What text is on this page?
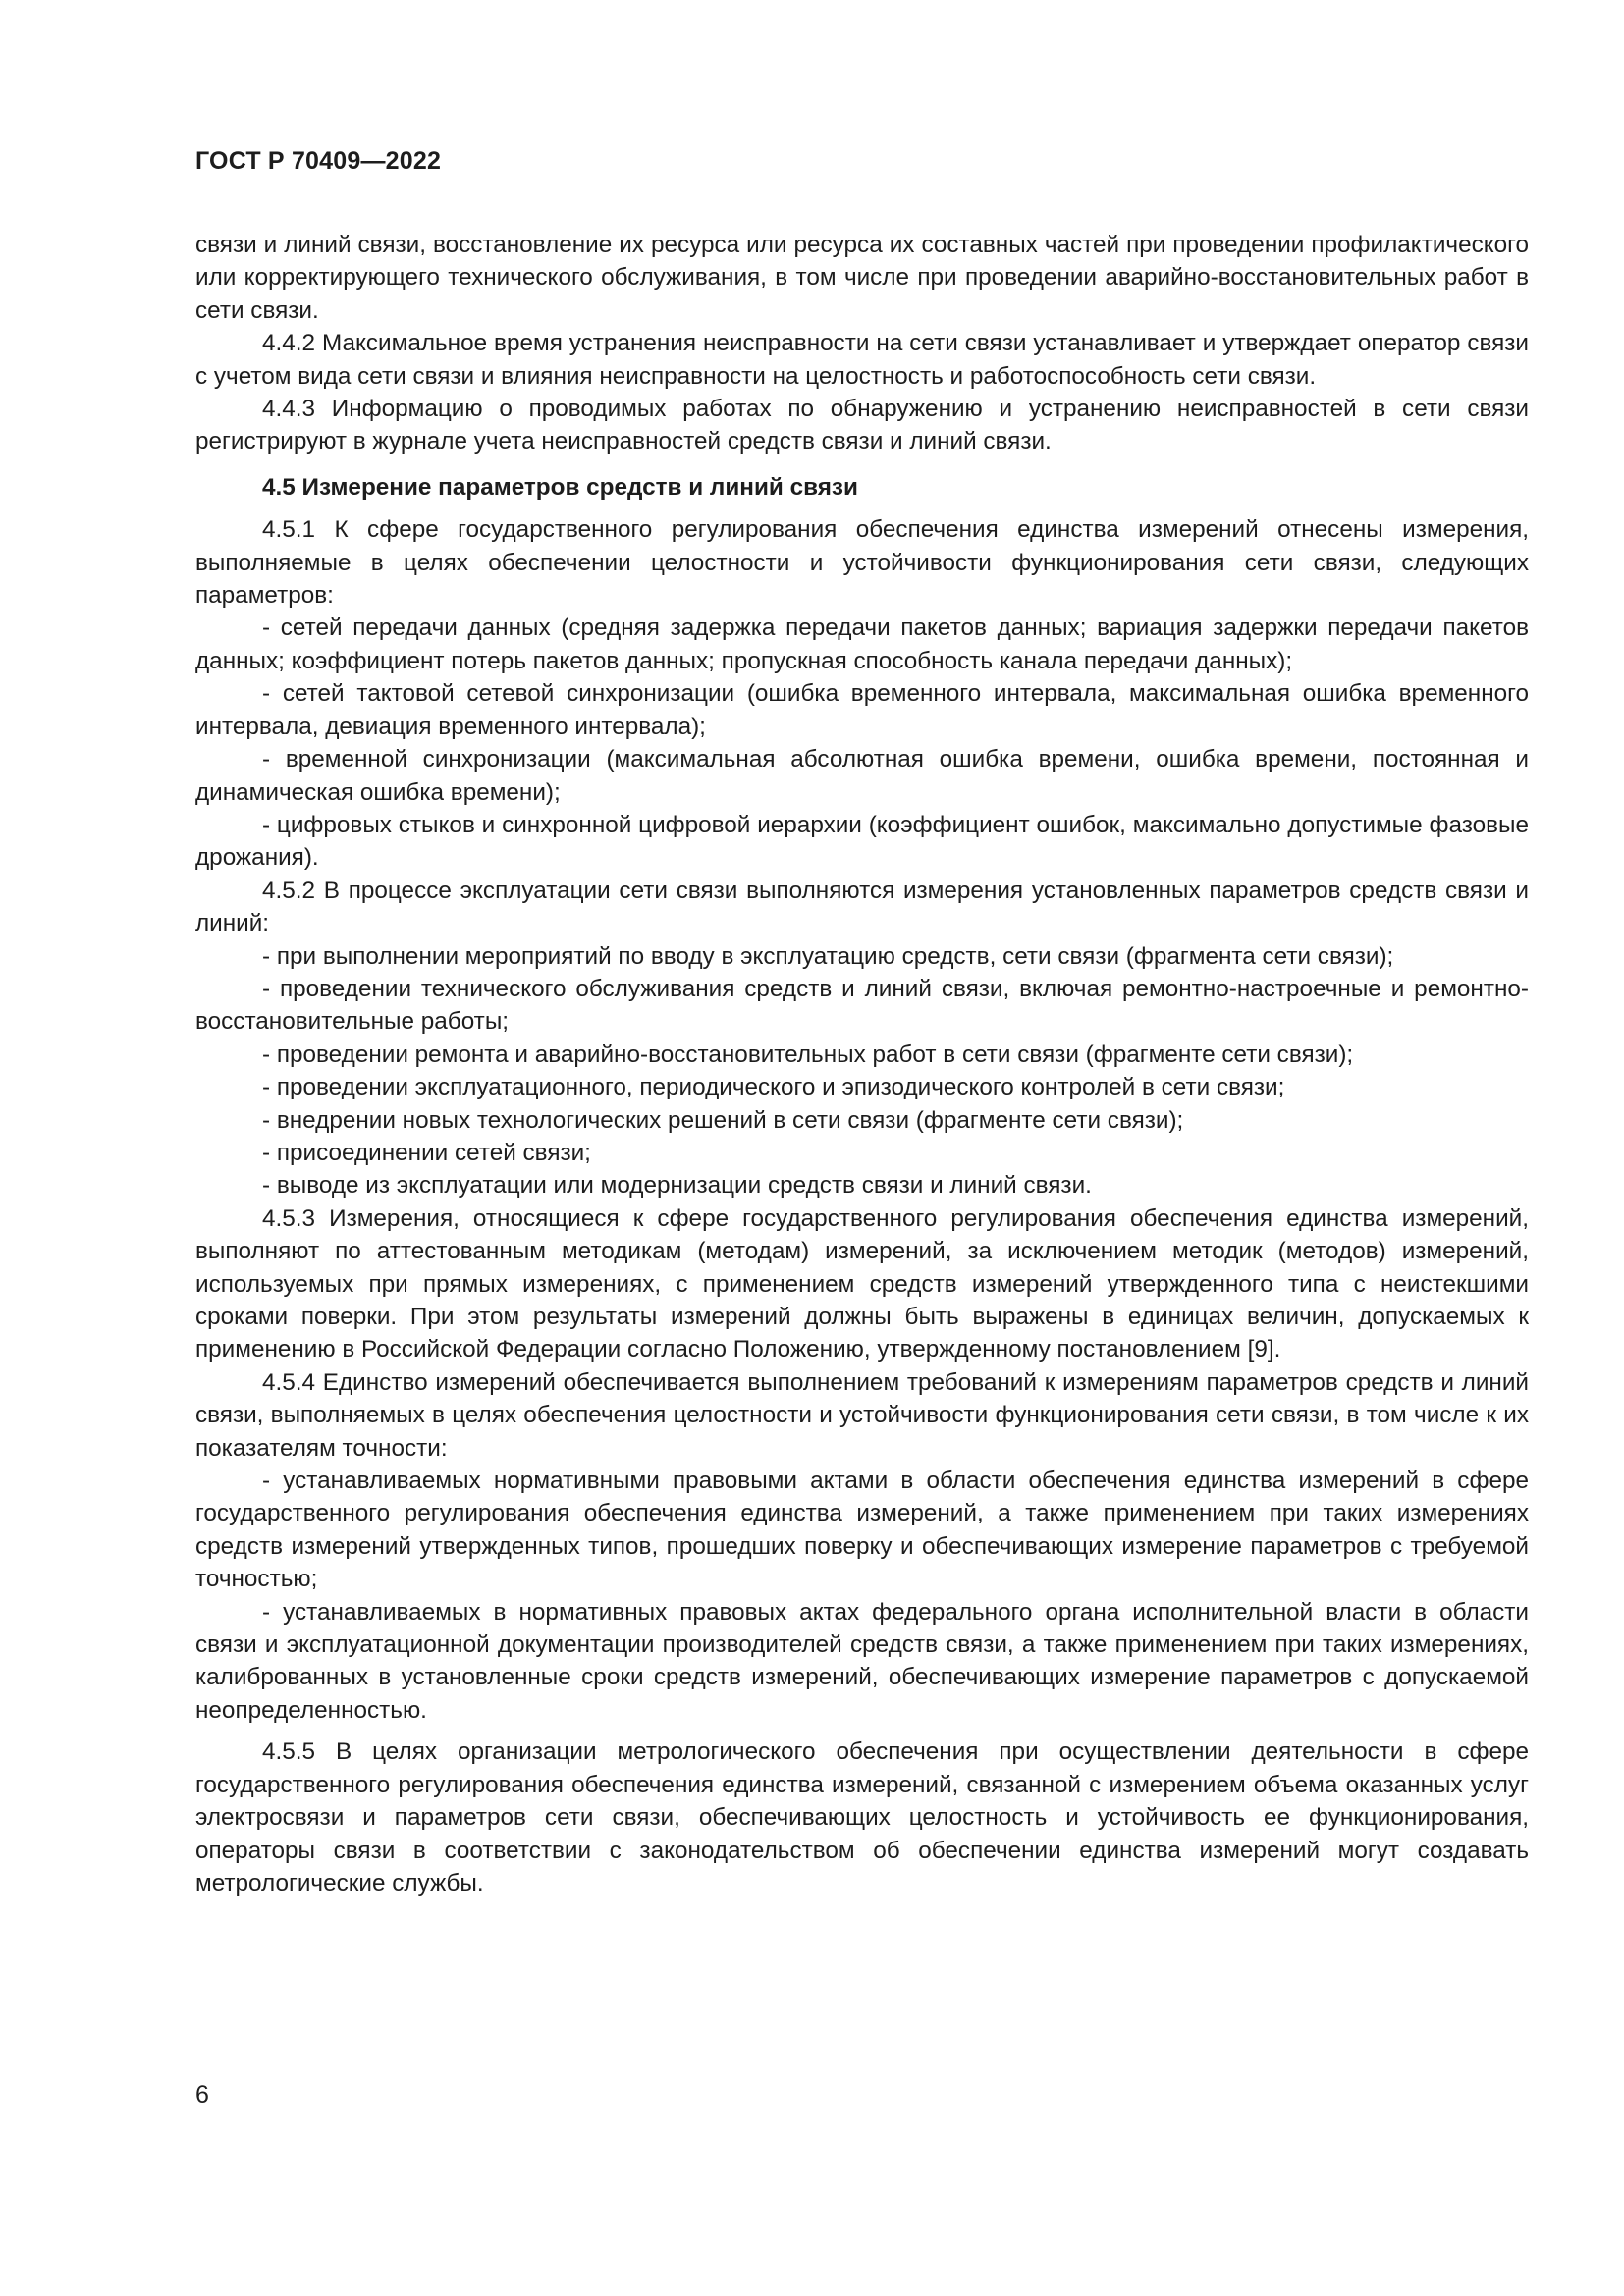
ГОСТ Р 70409—2022

связи и линий связи, восстановление их ресурса или ресурса их составных частей при проведении профилактического или корректирующего технического обслуживания, в том числе при проведении аварийно-восстановительных работ в сети связи.

4.4.2 Максимальное время устранения неисправности на сети связи устанавливает и утверждает оператор связи с учетом вида сети связи и влияния неисправности на целостность и работоспособность сети связи.

4.4.3 Информацию о проводимых работах по обнаружению и устранению неисправностей в сети связи регистрируют в журнале учета неисправностей средств связи и линий связи.

4.5 Измерение параметров средств и линий связи

4.5.1 К сфере государственного регулирования обеспечения единства измерений отнесены измерения, выполняемые в целях обеспечении целостности и устойчивости функционирования сети связи, следующих параметров:

- сетей передачи данных (средняя задержка передачи пакетов данных; вариация задержки передачи пакетов данных; коэффициент потерь пакетов данных; пропускная способность канала передачи данных);

- сетей тактовой сетевой синхронизации (ошибка временного интервала, максимальная ошибка временного интервала, девиация временного интервала);

- временной синхронизации (максимальная абсолютная ошибка времени, ошибка времени, постоянная и динамическая ошибка времени);

- цифровых стыков и синхронной цифровой иерархии (коэффициент ошибок, максимально допустимые фазовые дрожания).

4.5.2 В процессе эксплуатации сети связи выполняются измерения установленных параметров средств связи и линий:

- при выполнении мероприятий по вводу в эксплуатацию средств, сети связи (фрагмента сети связи);

- проведении технического обслуживания средств и линий связи, включая ремонтно-настроечные и ремонтно-восстановительные работы;

- проведении ремонта и аварийно-восстановительных работ в сети связи (фрагменте сети связи);

- проведении эксплуатационного, периодического и эпизодического контролей в сети связи;

- внедрении новых технологических решений в сети связи (фрагменте сети связи);

- присоединении сетей связи;

- выводе из эксплуатации или модернизации средств связи и линий связи.

4.5.3 Измерения, относящиеся к сфере государственного регулирования обеспечения единства измерений, выполняют по аттестованным методикам (методам) измерений, за исключением методик (методов) измерений, используемых при прямых измерениях, с применением средств измерений утвержденного типа с неистекшими сроками поверки. При этом результаты измерений должны быть выражены в единицах величин, допускаемых к применению в Российской Федерации согласно Положению, утвержденному постановлением [9].

4.5.4 Единство измерений обеспечивается выполнением требований к измерениям параметров средств и линий связи, выполняемых в целях обеспечения целостности и устойчивости функционирования сети связи, в том числе к их показателям точности:

- устанавливаемых нормативными правовыми актами в области обеспечения единства измерений в сфере государственного регулирования обеспечения единства измерений, а также применением при таких измерениях средств измерений утвержденных типов, прошедших поверку и обеспечивающих измерение параметров с требуемой точностью;

- устанавливаемых в нормативных правовых актах федерального органа исполнительной власти в области связи и эксплуатационной документации производителей средств связи, а также применением при таких измерениях, калиброванных в установленные сроки средств измерений, обеспечивающих измерение параметров с допускаемой неопределенностью.

4.5.5 В целях организации метрологического обеспечения при осуществлении деятельности в сфере государственного регулирования обеспечения единства измерений, связанной с измерением объема оказанных услуг электросвязи и параметров сети связи, обеспечивающих целостность и устойчивость ее функционирования, операторы связи в соответствии с законодательством об обеспечении единства измерений могут создавать метрологические службы.

6
